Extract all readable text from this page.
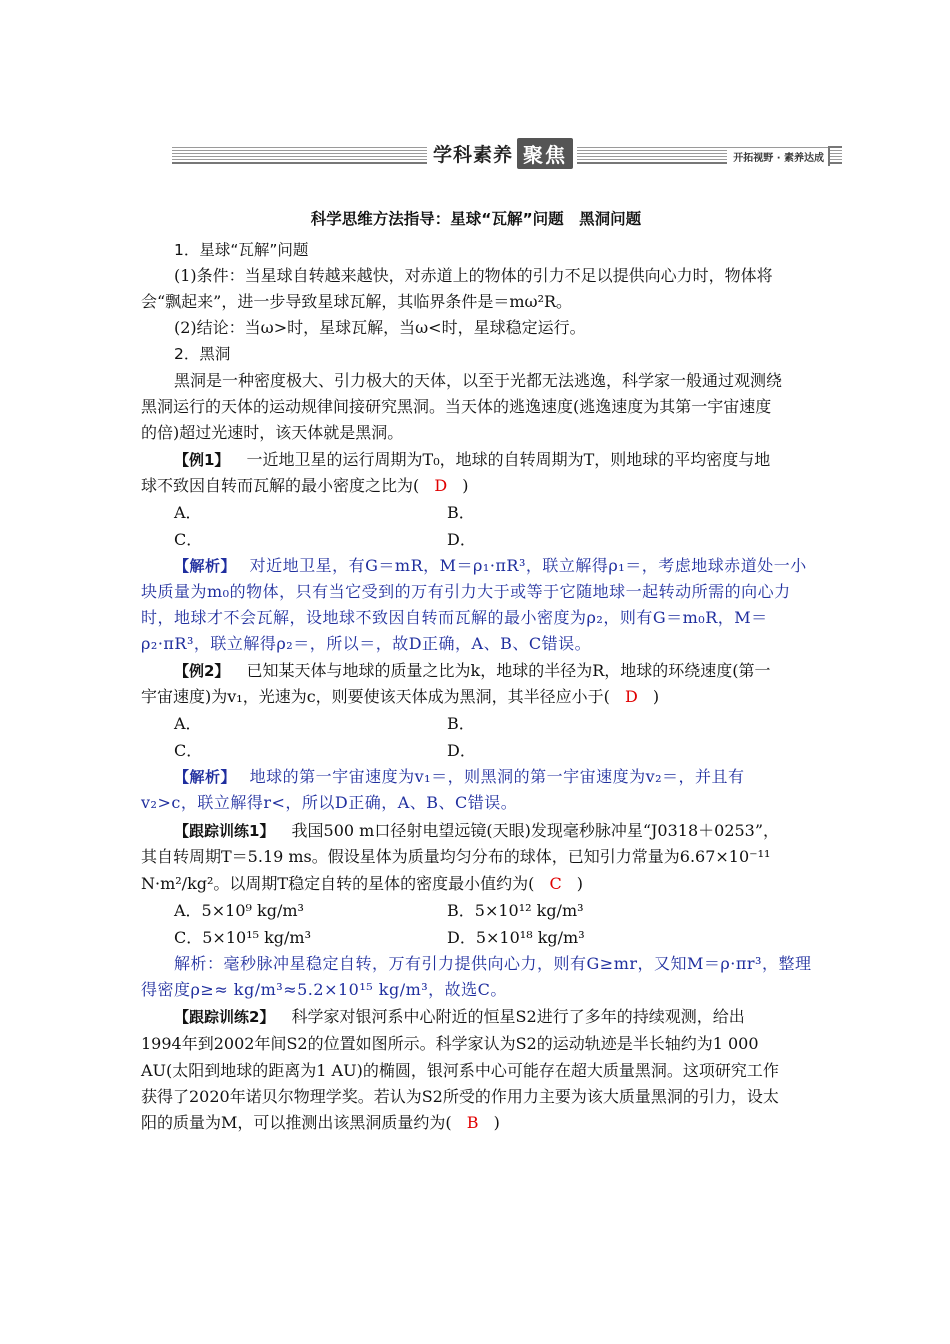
学科素养 聚焦	开拓视野 · 素养达成
科学思维方法指导：星球“瓦解”问题　黑洞问题
1．星球“瓦解”问题
(1)条件：当星球自转越来越快，对赤道上的物体的引力不足以提供向心力时，物体将
会“飘起来”，进一步导致星球瓦解，其临界条件是＝mω²R。
(2)结论：当ω>时，星球瓦解，当ω<时，星球稳定运行。
2．黑洞
黑洞是一种密度极大、引力极大的天体，以至于光都无法逃逸，科学家一般通过观测绕
黑洞运行的天体的运动规律间接研究黑洞。当天体的逃逸速度(逃逸速度为其第一宇宙速度
的倍)超过光速时，该天体就是黑洞。
【例1】 一近地卫星的运行周期为T₀，地球的自转周期为T，则地球的平均密度与地
球不致因自转而瓦解的最小密度之比为( D )
A．	B．
C．	D．
【解析】 对近地卫星，有G＝mR，M＝ρ₁·πR³，联立解得ρ₁＝，考虑地球赤道处一小
块质量为m₀的物体，只有当它受到的万有引力大于或等于它随地球一起转动所需的向心力
时，地球才不会瓦解，设地球不致因自转而瓦解的最小密度为ρ₂，则有G＝m₀R，M＝
ρ₂·πR³，联立解得ρ₂＝，所以＝，故D正确，A、B、C错误。
【例2】 已知某天体与地球的质量之比为k，地球的半径为R，地球的环绕速度(第一
宇宙速度)为v₁，光速为c，则要使该天体成为黑洞，其半径应小于( D )
A．	B．
C．	D．
【解析】 地球的第一宇宙速度为v₁＝，则黑洞的第一宇宙速度为v₂＝，并且有
v₂>c，联立解得r<，所以D正确，A、B、C错误。
【跟踪训练1】 我国500 m口径射电望远镜(天眼)发现毫秒脉冲星“J0318＋0253”，
其自转周期T＝5.19 ms。假设星体为质量均匀分布的球体，已知引力常量为6.67×10⁻¹¹
N·m²/kg²。以周期T稳定自转的星体的密度最小值约为( C )
A．5×10⁹ kg/m³	B．5×10¹² kg/m³
C．5×10¹⁵ kg/m³	D．5×10¹⁸ kg/m³
解析：毫秒脉冲星稳定自转，万有引力提供向心力，则有G≥mr，又知M＝ρ·πr³，整理
得密度ρ≥≈ kg/m³≈5.2×10¹⁵ kg/m³，故选C。
【跟踪训练2】 科学家对银河系中心附近的恒星S2进行了多年的持续观测，给出
1994年到2002年间S2的位置如图所示。科学家认为S2的运动轨迹是半长轴约为1 000
AU(太阳到地球的距离为1 AU)的椭圆，银河系中心可能存在超大质量黑洞。这项研究工作
获得了2020年诺贝尔物理学奖。若认为S2所受的作用力主要为该大质量黑洞的引力，设太
阳的质量为M，可以推测出该黑洞质量约为( B )
